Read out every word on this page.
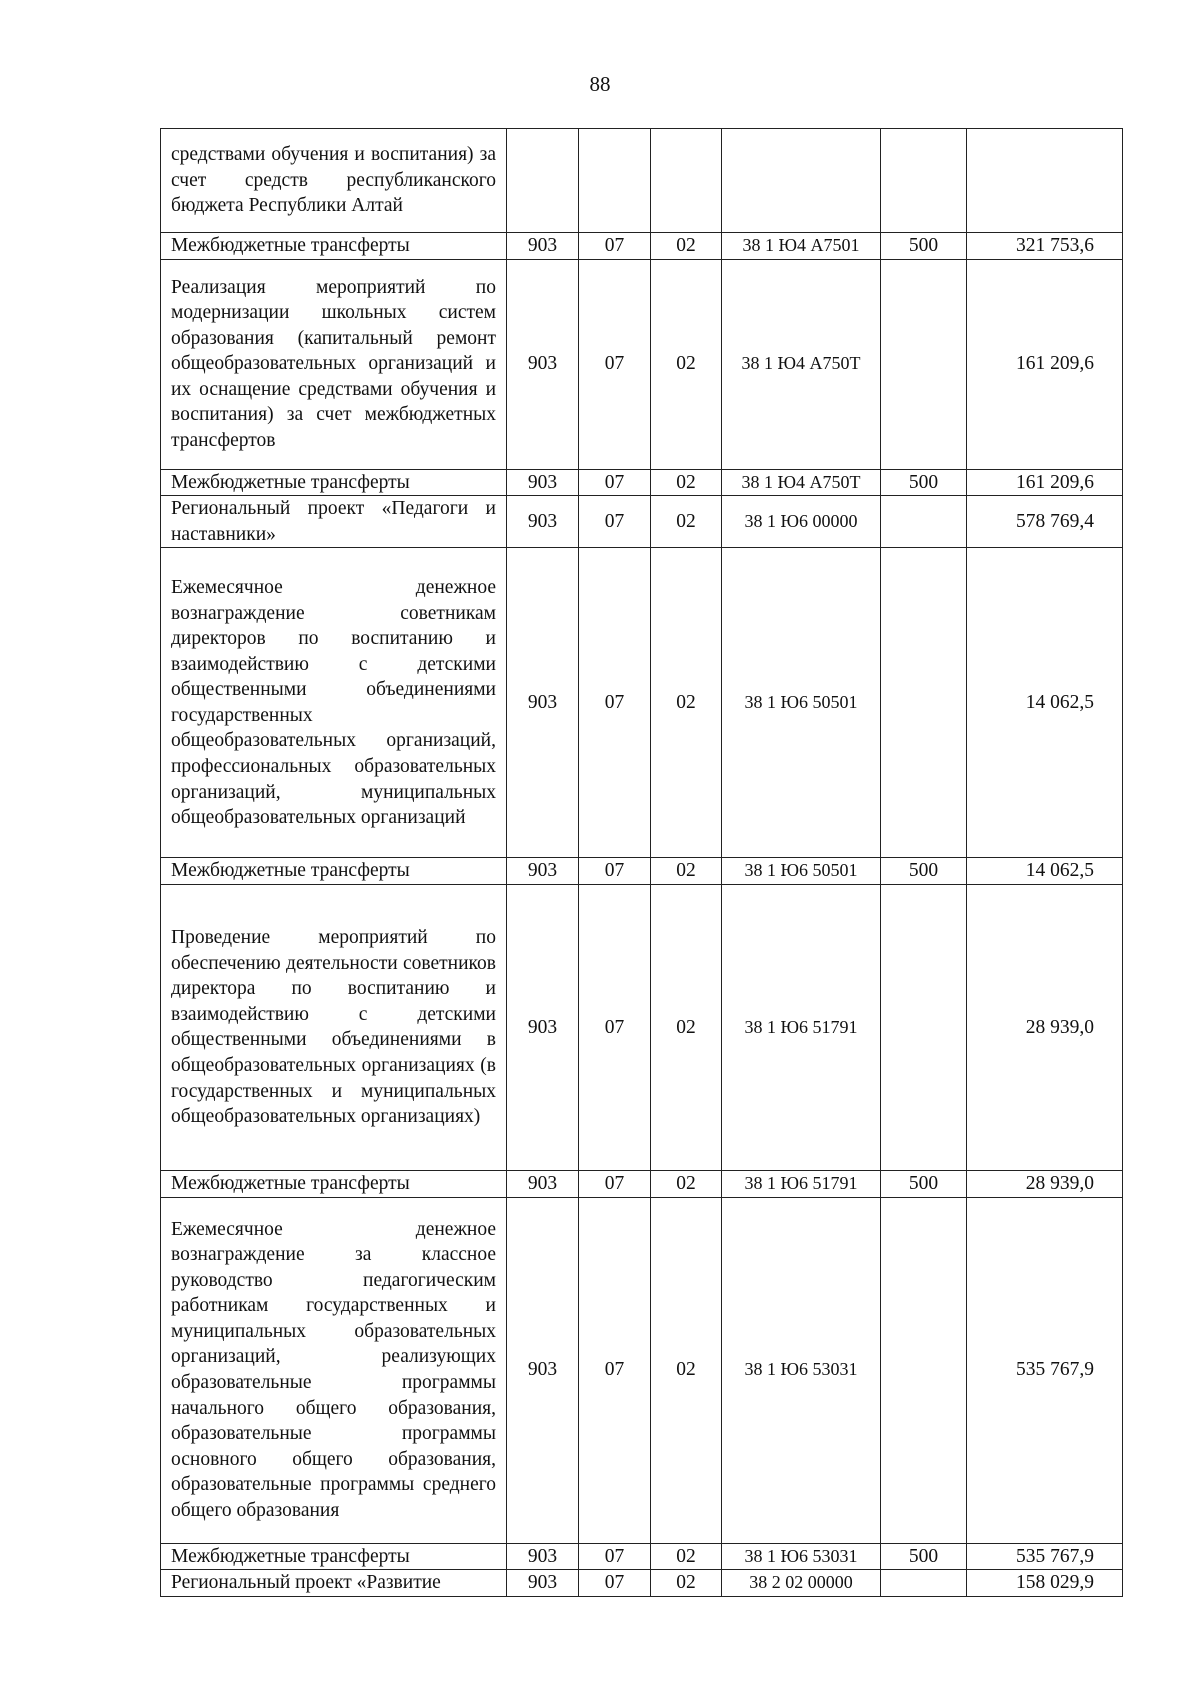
88
средствами обучения и воспитания) за счет средств республиканского бюджета Республики Алтай						
Межбюджетные трансферты	903	07	02	38 1 Ю4 А7501	500	321 753,6
Реализация мероприятий по модернизации школьных систем образования (капитальный ремонт общеобразовательных организаций и их оснащение средствами обучения и воспитания) за счет межбюджетных трансфертов	903	07	02	38 1 Ю4 А750Т		161 209,6
Межбюджетные трансферты	903	07	02	38 1 Ю4 А750Т	500	161 209,6
Региональный проект «Педагоги и наставники»	903	07	02	38 1 Ю6 00000		578 769,4
Ежемесячное денежное вознаграждение советникам директоров по воспитанию и взаимодействию с детскими общественными объединениями государственных общеобразовательных организаций, профессиональных образовательных организаций, муниципальных общеобразовательных организаций	903	07	02	38 1 Ю6 50501		14 062,5
Межбюджетные трансферты	903	07	02	38 1 Ю6 50501	500	14 062,5
Проведение мероприятий по обеспечению деятельности советников директора по воспитанию и взаимодействию с детскими общественными объединениями в общеобразовательных организациях (в государственных и муниципальных общеобразовательных организациях)	903	07	02	38 1 Ю6 51791		28 939,0
Межбюджетные трансферты	903	07	02	38 1 Ю6 51791	500	28 939,0
Ежемесячное денежное вознаграждение за классное руководство педагогическим работникам государственных и муниципальных образовательных организаций, реализующих образовательные программы начального общего образования, образовательные программы основного общего образования, образовательные программы среднего общего образования	903	07	02	38 1 Ю6 53031		535 767,9
Межбюджетные трансферты	903	07	02	38 1 Ю6 53031	500	535 767,9
Региональный проект «Развитие	903	07	02	38 2 02 00000		158 029,9
